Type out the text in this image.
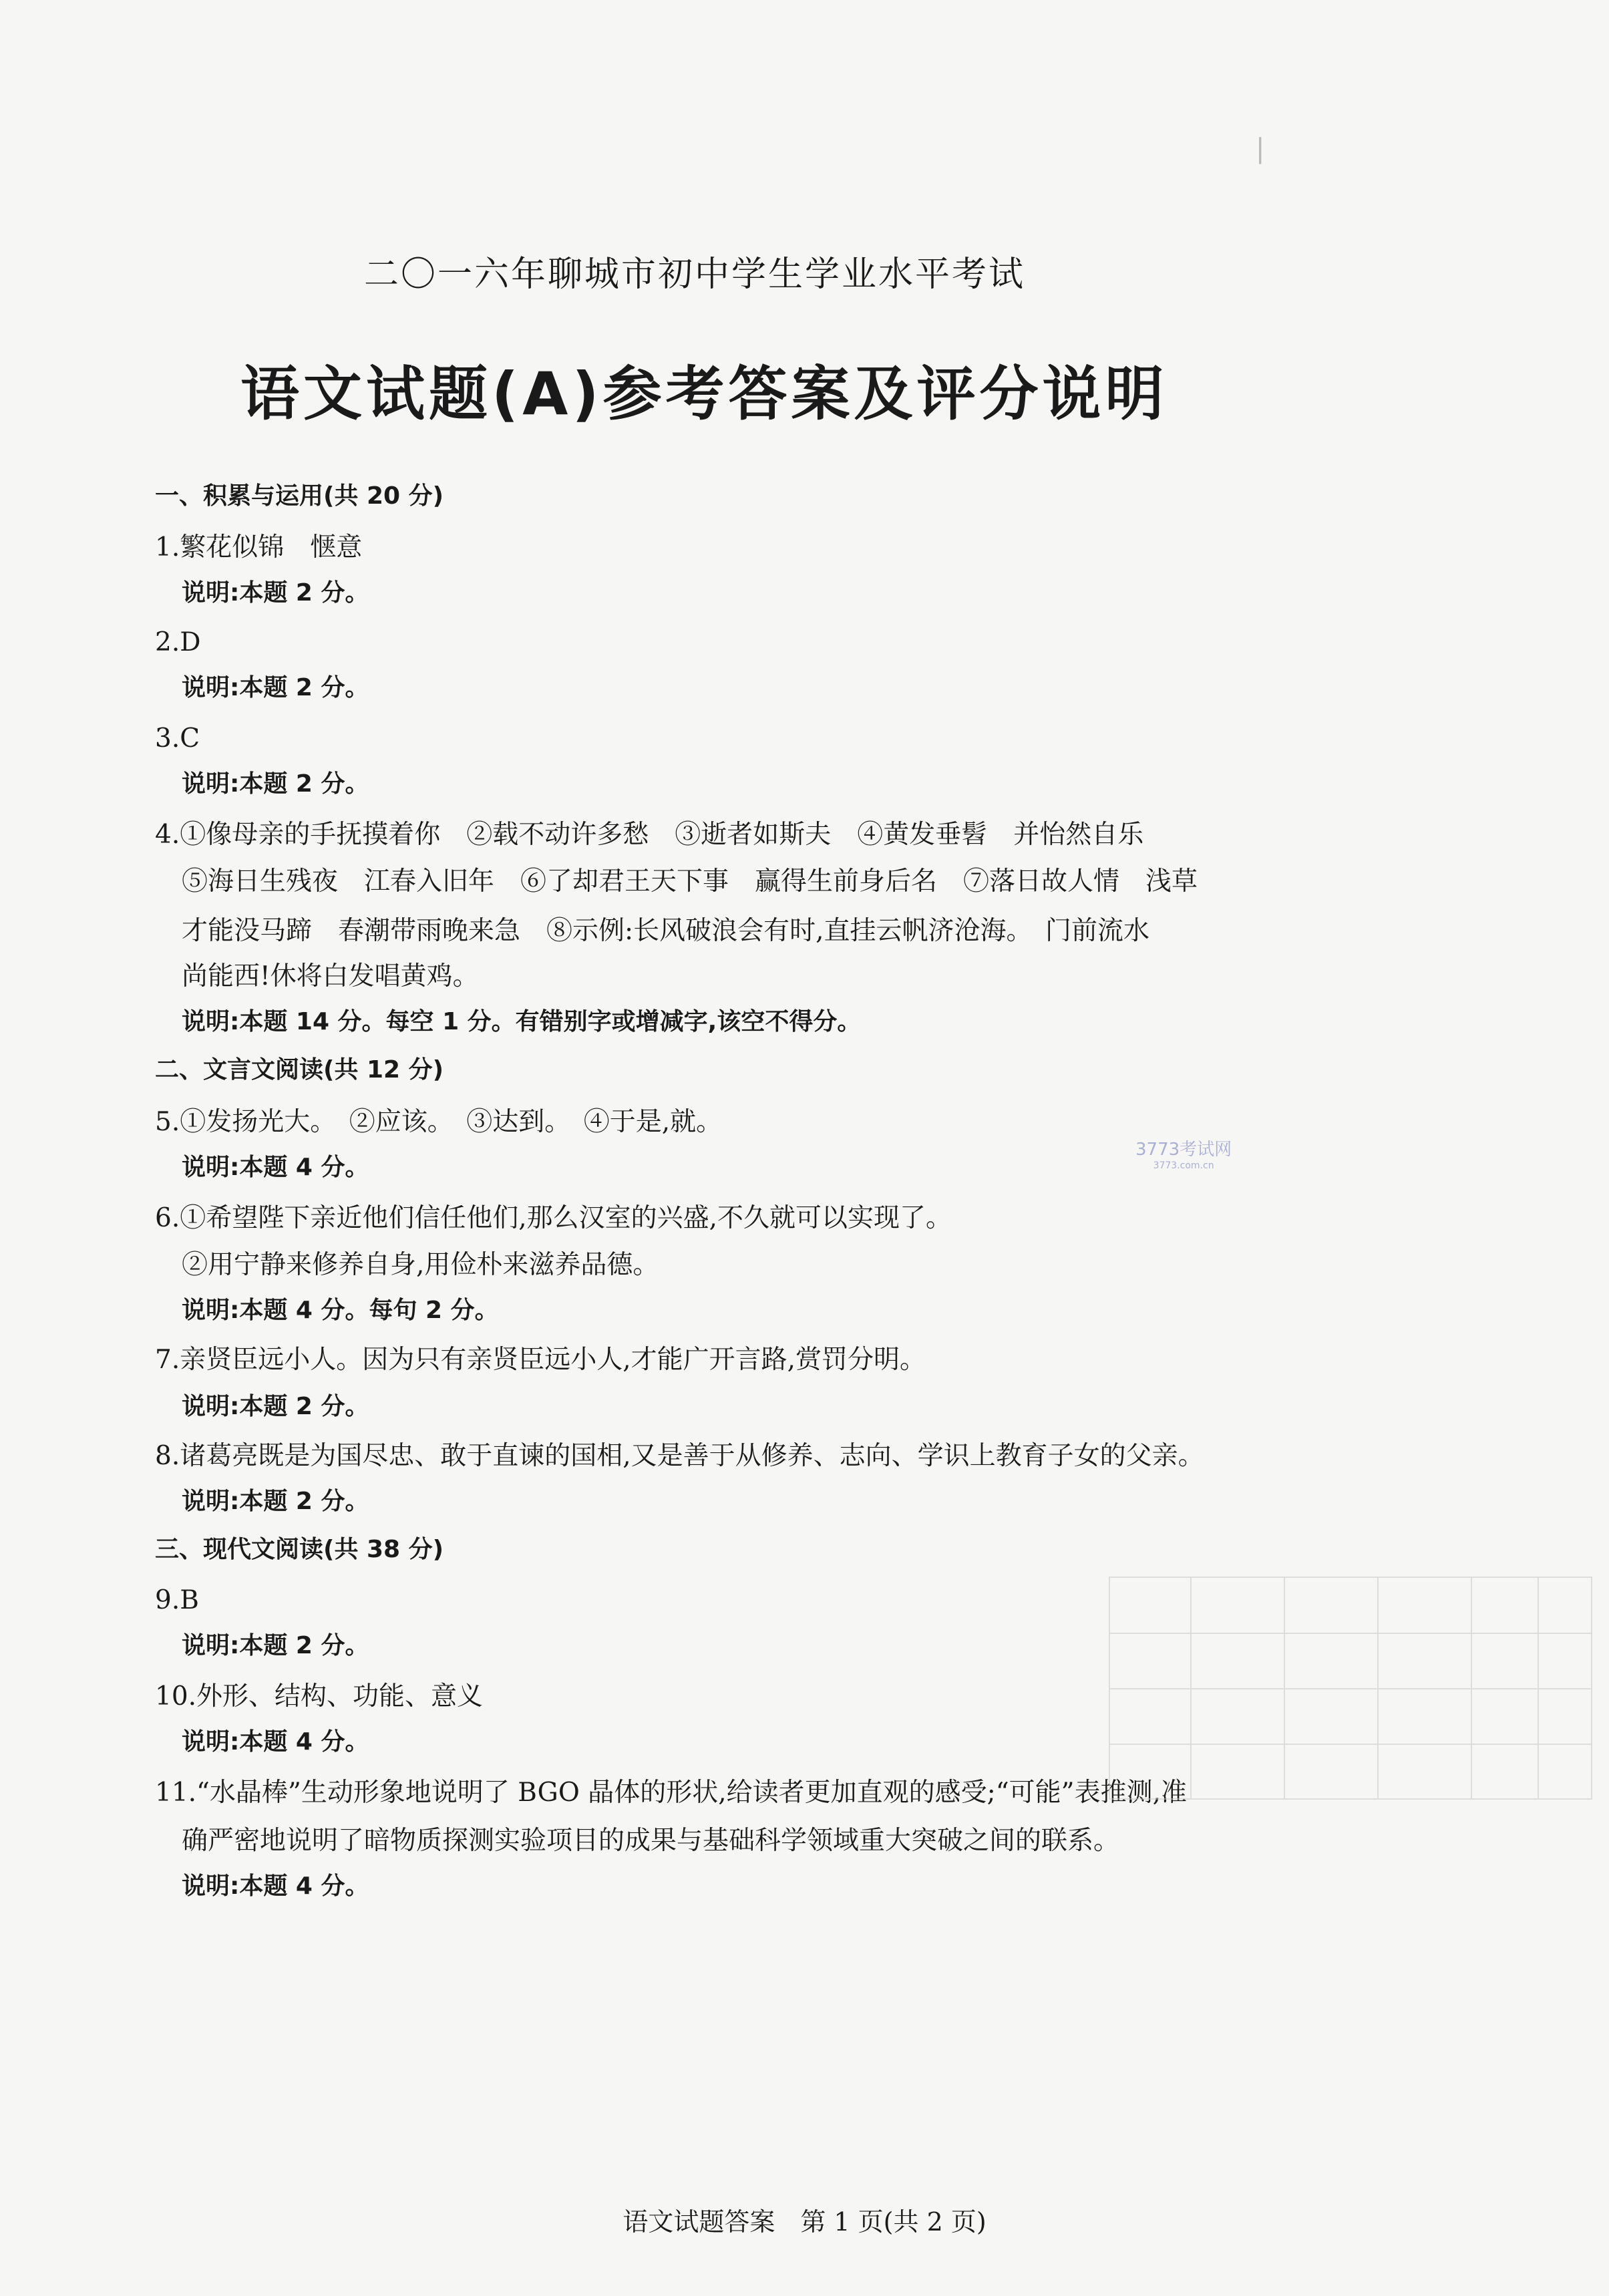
|
二〇一六年聊城市初中学生学业水平考试
语文试题(A)参考答案及评分说明
一、积累与运用(共 20 分)
1.繁花似锦　惬意
说明:本题 2 分。
2.D
说明:本题 2 分。
3.C
说明:本题 2 分。
4.①像母亲的手抚摸着你　②载不动许多愁　③逝者如斯夫　④黄发垂髫　并怡然自乐
⑤海日生残夜　江春入旧年　⑥了却君王天下事　赢得生前身后名　⑦落日故人情　浅草
才能没马蹄　春潮带雨晚来急　⑧示例:长风破浪会有时,直挂云帆济沧海。　门前流水
尚能西!休将白发唱黄鸡。
说明:本题 14 分。每空 1 分。有错别字或增减字,该空不得分。
二、文言文阅读(共 12 分)
5.①发扬光大。　②应该。　③达到。　④于是,就。
说明:本题 4 分。
6.①希望陛下亲近他们信任他们,那么汉室的兴盛,不久就可以实现了。
②用宁静来修养自身,用俭朴来滋养品德。
说明:本题 4 分。每句 2 分。
7.亲贤臣远小人。因为只有亲贤臣远小人,才能广开言路,赏罚分明。
说明:本题 2 分。
8.诸葛亮既是为国尽忠、敢于直谏的国相,又是善于从修养、志向、学识上教育子女的父亲。
说明:本题 2 分。
三、现代文阅读(共 38 分)
9.B
说明:本题 2 分。
10.外形、结构、功能、意义
说明:本题 4 分。
11.“水晶棒”生动形象地说明了 BGO 晶体的形状,给读者更加直观的感受;“可能”表推测,准
确严密地说明了暗物质探测实验项目的成果与基础科学领域重大突破之间的联系。
说明:本题 4 分。
3773考试网
3773.com.cn
语文试题答案　第 1 页(共 2 页)
